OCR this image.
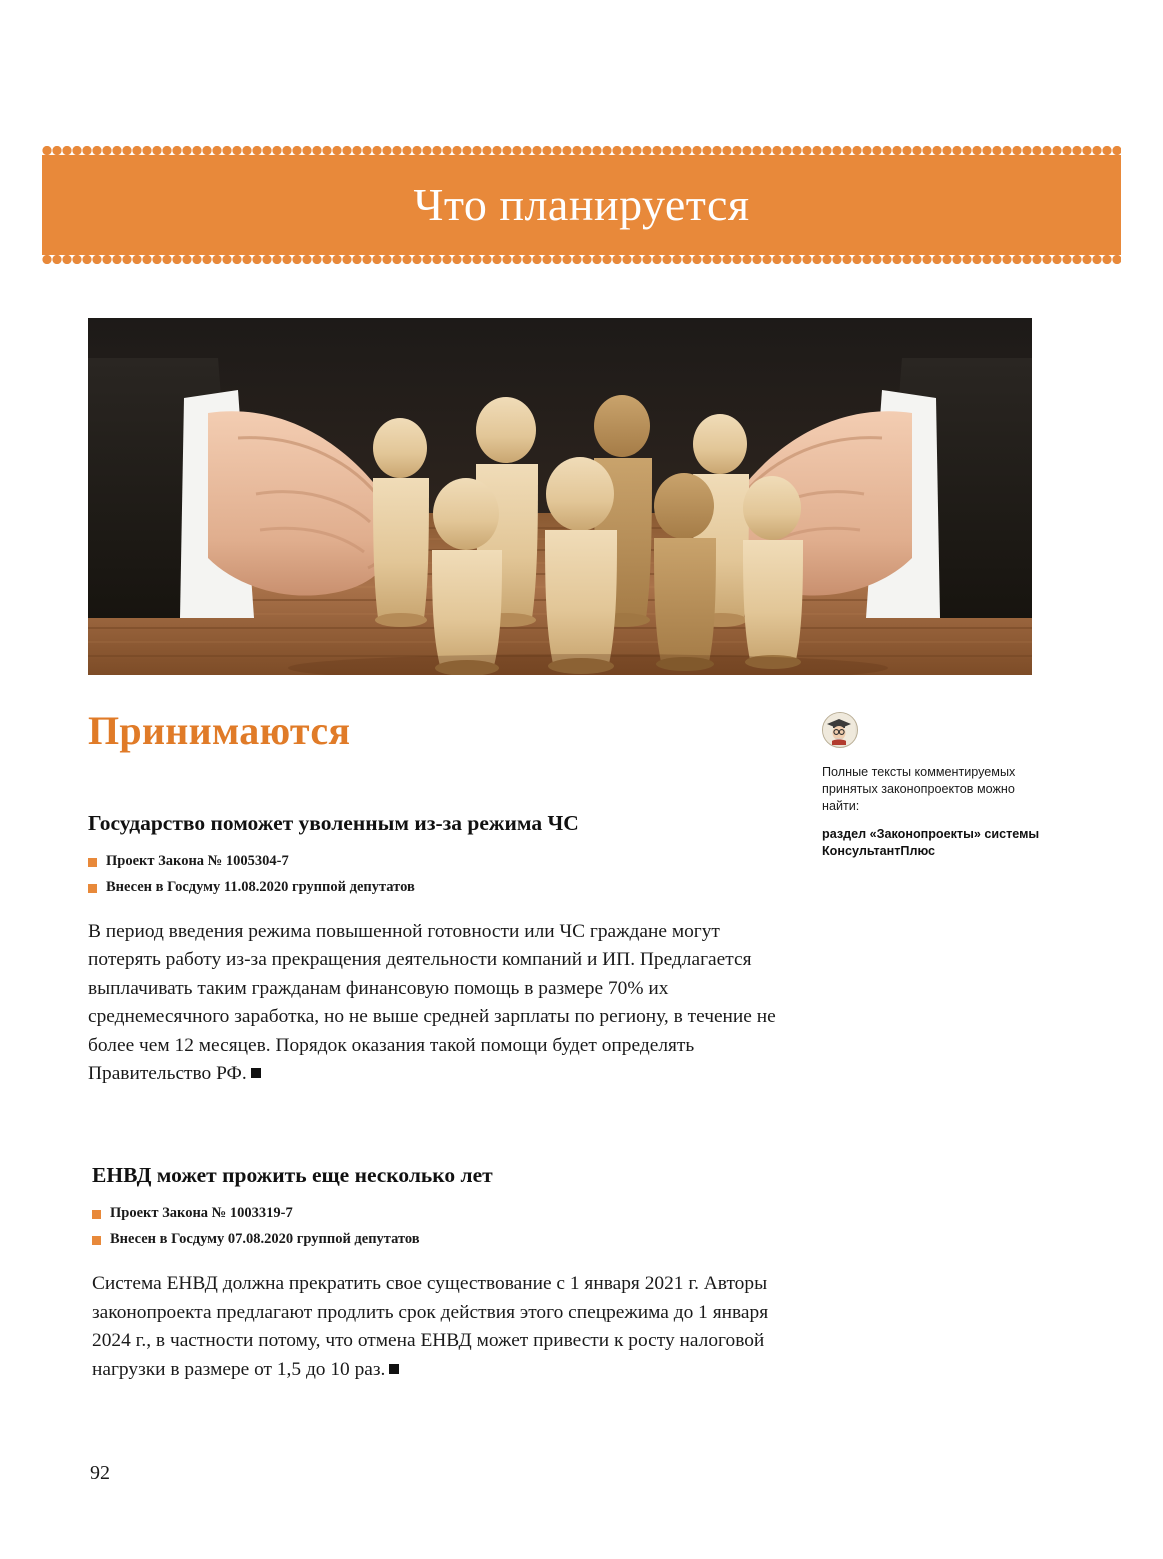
Что планируется
Принимаются
Государство поможет уволенным из-за режима ЧС
Проект Закона № 1005304-7
Внесен в Госдуму 11.08.2020 группой депутатов

В период введения режима повышенной готовности или ЧС граждане могут потерять работу из-за прекращения деятельности компаний и ИП. Предлагается выплачивать таким гражданам финансовую помощь в размере 70% их среднемесячного заработка, но не выше средней зарплаты по региону, в течение не более чем 12 месяцев. Порядок оказания такой помощи будет определять Правительство РФ.

ЕНВД может прожить еще несколько лет
Проект Закона № 1003319-7
Внесен в Госдуму 07.08.2020 группой депутатов

Система ЕНВД должна прекратить свое существование с 1 января 2021 г. Авторы законопроекта предлагают продлить срок действия этого спецрежима до 1 января 2024 г., в частности потому, что отмена ЕНВД может привести к росту налоговой нагрузки в размере от 1,5 до 10 раз.

Полные тексты комментируемых принятых законопроектов можно найти:
раздел «Законопроекты» системы КонсультантПлюс
92
